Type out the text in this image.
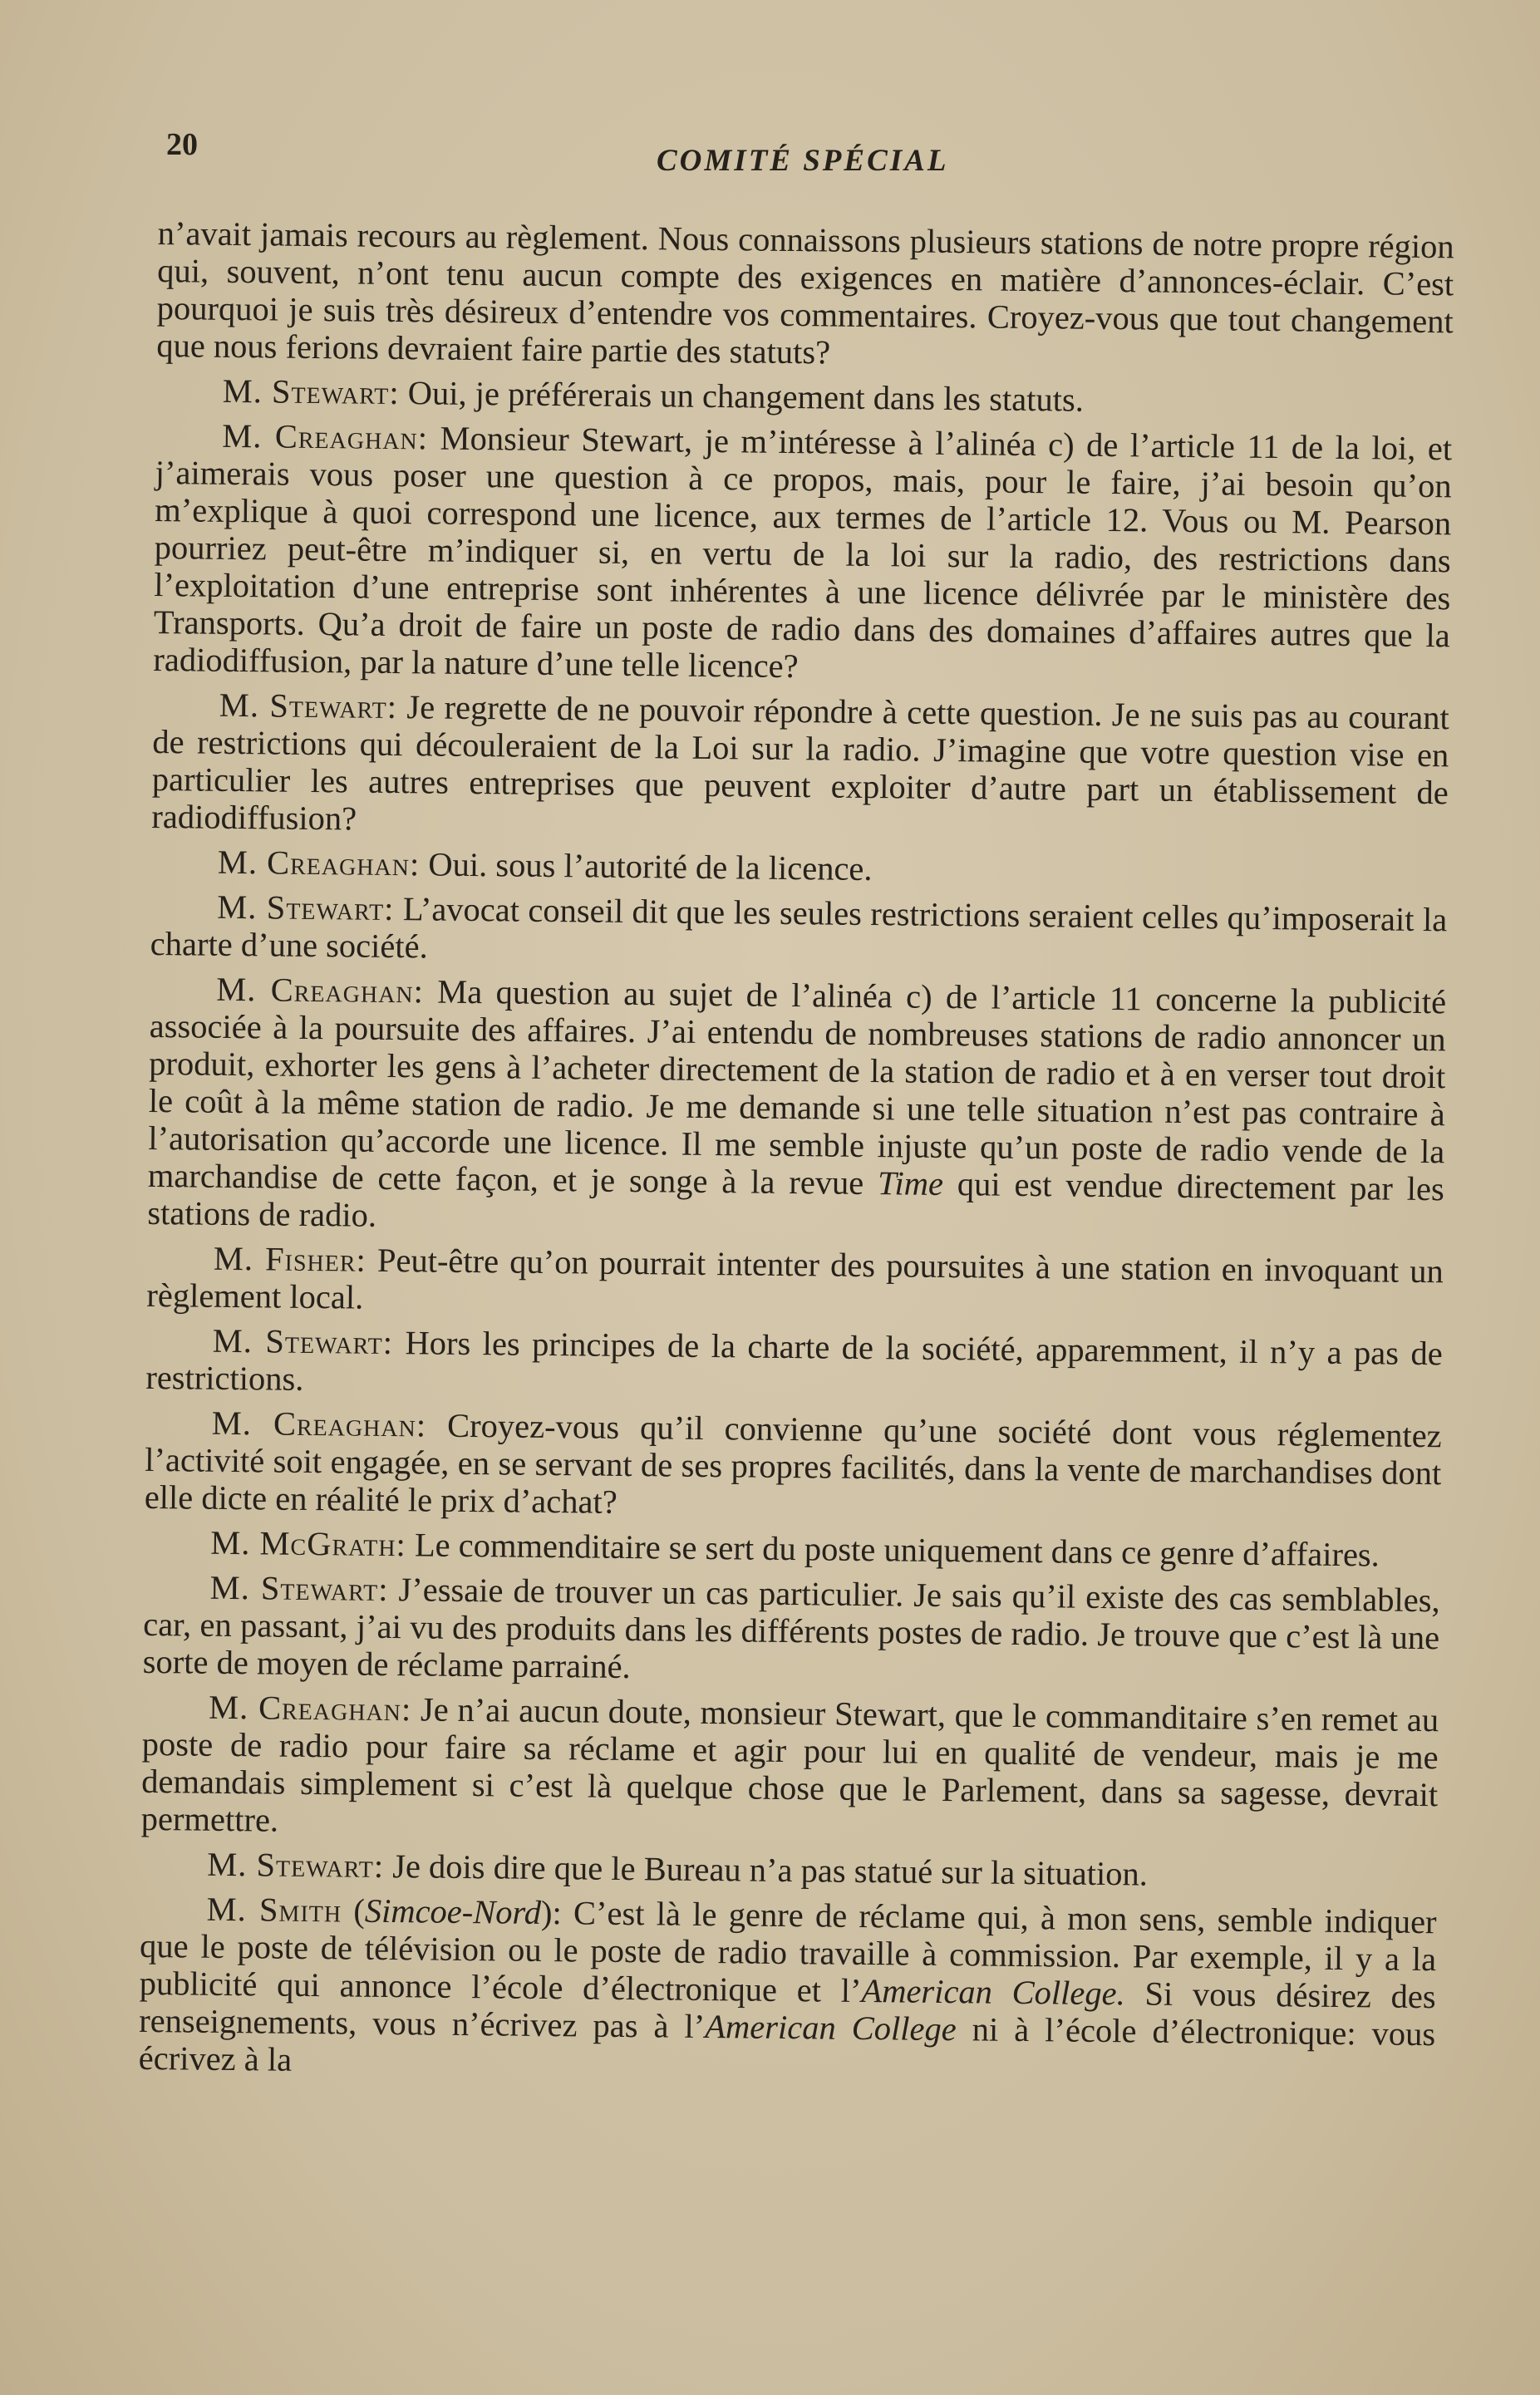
20	COMITÉ SPÉCIAL

n’avait jamais recours au règlement. Nous connaissons plusieurs stations de notre propre région qui, souvent, n’ont tenu aucun compte des exigences en matière d’annonces-éclair. C’est pourquoi je suis très désireux d’entendre vos commentaires. Croyez-vous que tout changement que nous ferions devraient faire partie des statuts?

M. Stewart: Oui, je préférerais un changement dans les statuts.

M. Creaghan: Monsieur Stewart, je m’intéresse à l’alinéa c) de l’article 11 de la loi, et j’aimerais vous poser une question à ce propos, mais, pour le faire, j’ai besoin qu’on m’explique à quoi correspond une licence, aux termes de l’article 12. Vous ou M. Pearson pourriez peut-être m’indiquer si, en vertu de la loi sur la radio, des restrictions dans l’exploitation d’une entreprise sont inhérentes à une licence délivrée par le ministère des Transports. Qu’a droit de faire un poste de radio dans des domaines d’affaires autres que la radiodiffusion, par la nature d’une telle licence?

M. Stewart: Je regrette de ne pouvoir répondre à cette question. Je ne suis pas au courant de restrictions qui découleraient de la Loi sur la radio. J’imagine que votre question vise en particulier les autres entreprises que peuvent exploiter d’autre part un établissement de radiodiffusion?

M. Creaghan: Oui. sous l’autorité de la licence.

M. Stewart: L’avocat conseil dit que les seules restrictions seraient celles qu’imposerait la charte d’une société.

M. Creaghan: Ma question au sujet de l’alinéa c) de l’article 11 concerne la publicité associée à la poursuite des affaires. J’ai entendu de nombreuses stations de radio annoncer un produit, exhorter les gens à l’acheter directement de la station de radio et à en verser tout droit le coût à la même station de radio. Je me demande si une telle situation n’est pas contraire à l’autorisation qu’accorde une licence. Il me semble injuste qu’un poste de radio vende de la marchandise de cette façon, et je songe à la revue Time qui est vendue directement par les stations de radio.

M. Fisher: Peut-être qu’on pourrait intenter des poursuites à une station en invoquant un règlement local.

M. Stewart: Hors les principes de la charte de la société, apparemment, il n’y a pas de restrictions.

M. Creaghan: Croyez-vous qu’il convienne qu’une société dont vous réglementez l’activité soit engagée, en se servant de ses propres facilités, dans la vente de marchandises dont elle dicte en réalité le prix d’achat?

M. McGrath: Le commenditaire se sert du poste uniquement dans ce genre d’affaires.

M. Stewart: J’essaie de trouver un cas particulier. Je sais qu’il existe des cas semblables, car, en passant, j’ai vu des produits dans les différents postes de radio. Je trouve que c’est là une sorte de moyen de réclame parrainé.

M. Creaghan: Je n’ai aucun doute, monsieur Stewart, que le commanditaire s’en remet au poste de radio pour faire sa réclame et agir pour lui en qualité de vendeur, mais je me demandais simplement si c’est là quelque chose que le Parlement, dans sa sagesse, devrait permettre.

M. Stewart: Je dois dire que le Bureau n’a pas statué sur la situation.

M. Smith (Simcoe-Nord): C’est là le genre de réclame qui, à mon sens, semble indiquer que le poste de télévision ou le poste de radio travaille à commission. Par exemple, il y a la publicité qui annonce l’école d’électronique et l’American College. Si vous désirez des renseignements, vous n’écrivez pas à l’American College ni à l’école d’électronique: vous écrivez à la
